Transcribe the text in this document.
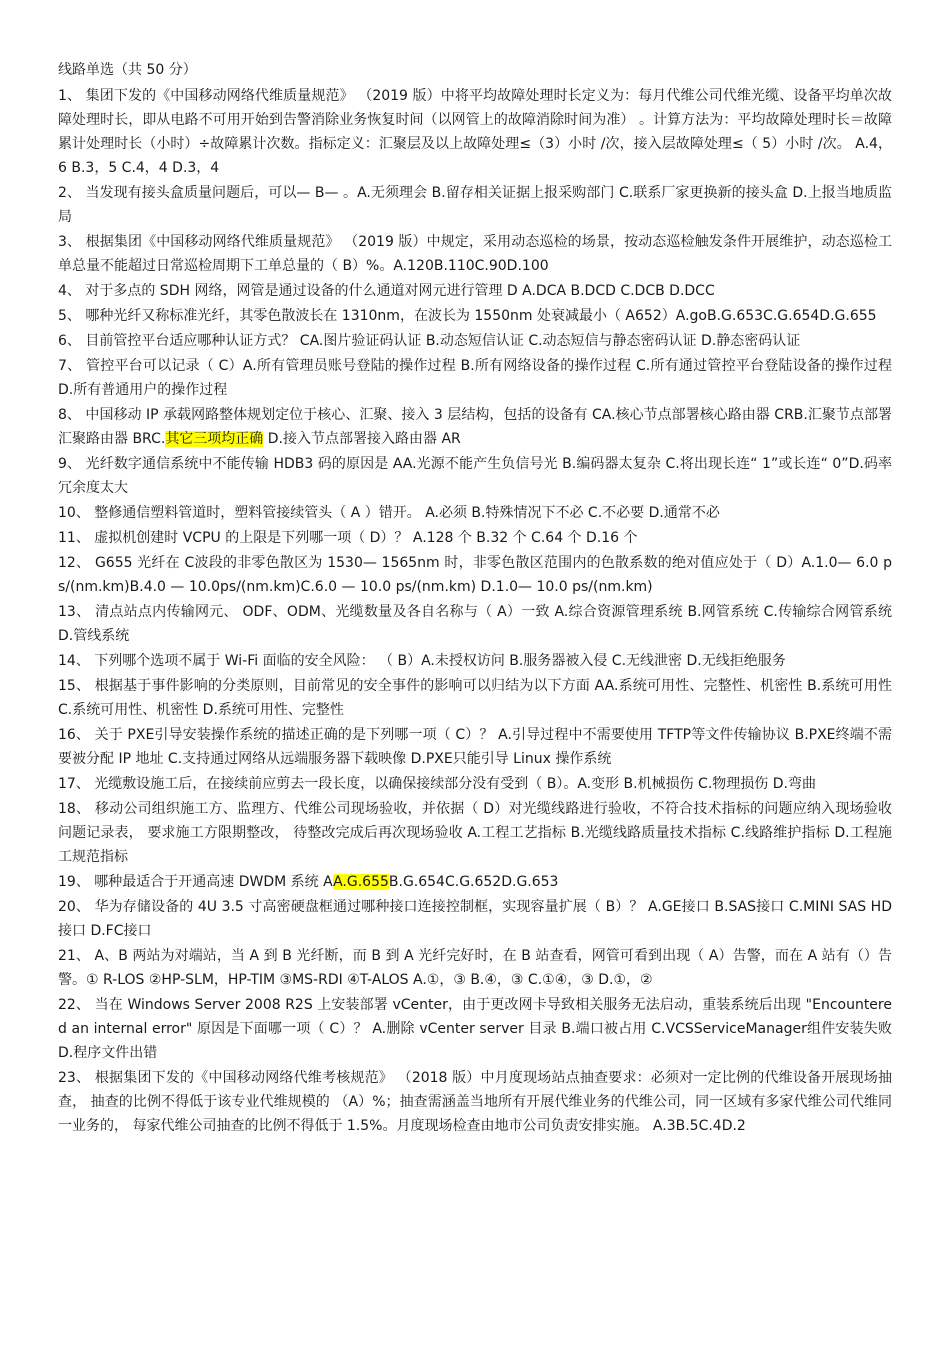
线路单选（共 50 分）
1、 集团下发的《中国移动网络代维质量规范》 （2019 版）中将平均故障处理时长定义为：每月代维公司代维光缆、设备平均单次故障处理时长，即从电路不可用开始到告警消除业务恢复时间（以网管上的故障消除时间为准） 。计算方法为：平均故障处理时长＝故障累计处理时长（小时）÷故障累计次数。指标定义：汇聚层及以上故障处理≤（3）小时 /次，接入层故障处理≤（ 5）小时 /次。 A.4，6 B.3，5 C.4，4 D.3，4
2、 当发现有接头盒质量问题后，可以— B— 。A.无须理会 B.留存相关证据上报采购部门 C.联系厂家更换新的接头盒 D.上报当地质监局
3、 根据集团《中国移动网络代维质量规范》 （2019 版）中规定，采用动态巡检的场景，按动态巡检触发条件开展维护，动态巡检工单总量不能超过日常巡检周期下工单总量的（ B）%。A.120B.110C.90D.100
4、 对于多点的 SDH 网络，网管是通过设备的什么通道对网元进行管理 D A.DCA B.DCD C.DCB D.DCC
5、 哪种光纤又称标准光纤，其零色散波长在 1310nm，在波长为 1550nm 处衰减最小（ A652）A.goB.G.653C.G.654D.G.655
6、 目前管控平台适应哪种认证方式？ CA.图片验证码认证 B.动态短信认证 C.动态短信与静态密码认证 D.静态密码认证
7、 管控平台可以记录（ C）A.所有管理员账号登陆的操作过程 B.所有网络设备的操作过程 C.所有通过管控平台登陆设备的操作过程 D.所有普通用户的操作过程
8、 中国移动 IP 承载网路整体规划定位于核心、汇聚、接入 3 层结构，包括的设备有 CA.核心节点部署核心路由器 CRB.汇聚节点部署汇聚路由器 BRC.其它三项均正确 D.接入节点部署接入路由器 AR
9、 光纤数字通信系统中不能传输 HDB3 码的原因是 AA.光源不能产生负信号光 B.编码器太复杂 C.将出现长连“ 1”或长连“ 0”D.码率冗余度太大
10、 整修通信塑料管道时，塑料管接续管头（ A ）错开。 A.必须 B.特殊情况下不必 C.不必要 D.通常不必
11、 虚拟机创建时 VCPU 的上限是下列哪一项（ D）？ A.128 个 B.32 个 C.64 个 D.16 个
12、 G655 光纤在 C波段的非零色散区为 1530— 1565nm 时，非零色散区范围内的色散系数的绝对值应处于（ D）A.1.0— 6.0 ps/(nm.km)B.4.0 — 10.0ps/(nm.km)C.6.0 — 10.0 ps/(nm.km) D.1.0— 10.0 ps/(nm.km)
13、 清点站点内传输网元、 ODF、ODM、光缆数量及各自名称与（ A）一致 A.综合资源管理系统 B.网管系统 C.传输综合网管系统 D.管线系统
14、 下列哪个选项不属于 Wi-Fi 面临的安全风险： （ B）A.未授权访问 B.服务器被入侵 C.无线泄密 D.无线拒绝服务
15、 根据基于事件影响的分类原则，目前常见的安全事件的影响可以归结为以下方面 AA.系统可用性、完整性、机密性 B.系统可用性 C.系统可用性、机密性 D.系统可用性、完整性
16、 关于 PXE引导安装操作系统的描述正确的是下列哪一项（ C）？ A.引导过程中不需要使用 TFTP等文件传输协议 B.PXE终端不需要被分配 IP 地址 C.支持通过网络从远端服务器下载映像 D.PXE只能引导 Linux 操作系统
17、 光缆敷设施工后，在接续前应剪去一段长度，以确保接续部分没有受到（ B）。A.变形 B.机械损伤 C.物理损伤 D.弯曲
18、 移动公司组织施工方、监理方、代维公司现场验收，并依据（ D）对光缆线路进行验收，不符合技术指标的问题应纳入现场验收问题记录表， 要求施工方限期整改， 待整改完成后再次现场验收 A.工程工艺指标 B.光缆线路质量技术指标 C.线路维护指标 D.工程施工规范指标
19、 哪种最适合于开通高速 DWDM 系统 AA.G.655B.G.654C.G.652D.G.653
20、 华为存储设备的 4U 3.5 寸高密硬盘框通过哪种接口连接控制框，实现容量扩展（ B）？ A.GE接口 B.SAS接口 C.MINI SAS HD接口 D.FC接口
21、 A、B 两站为对端站，当 A 到 B 光纤断，而 B 到 A 光纤完好时，在 B 站查看，网管可看到出现（ A）告警，而在 A 站有（）告警。① R-LOS ②HP-SLM，HP-TIM ③MS-RDI ④T-ALOS A.①，③ B.④，③ C.①④，③ D.①，②
22、 当在 Windows Server 2008 R2S 上安装部署 vCenter，由于更改网卡导致相关服务无法启动，重装系统后出现 "Encountered an internal error" 原因是下面哪一项（ C）？ A.删除 vCenter server 目录 B.端口被占用 C.VCSServiceManager组件安装失败 D.程序文件出错
23、 根据集团下发的《中国移动网络代维考核规范》 （2018 版）中月度现场站点抽查要求：必须对一定比例的代维设备开展现场抽查， 抽查的比例不得低于该专业代维规模的 （A）%；抽查需涵盖当地所有开展代维业务的代维公司，同一区域有多家代维公司代维同一业务的， 每家代维公司抽查的比例不得低于 1.5%。月度现场检查由地市公司负责安排实施。 A.3B.5C.4D.2
